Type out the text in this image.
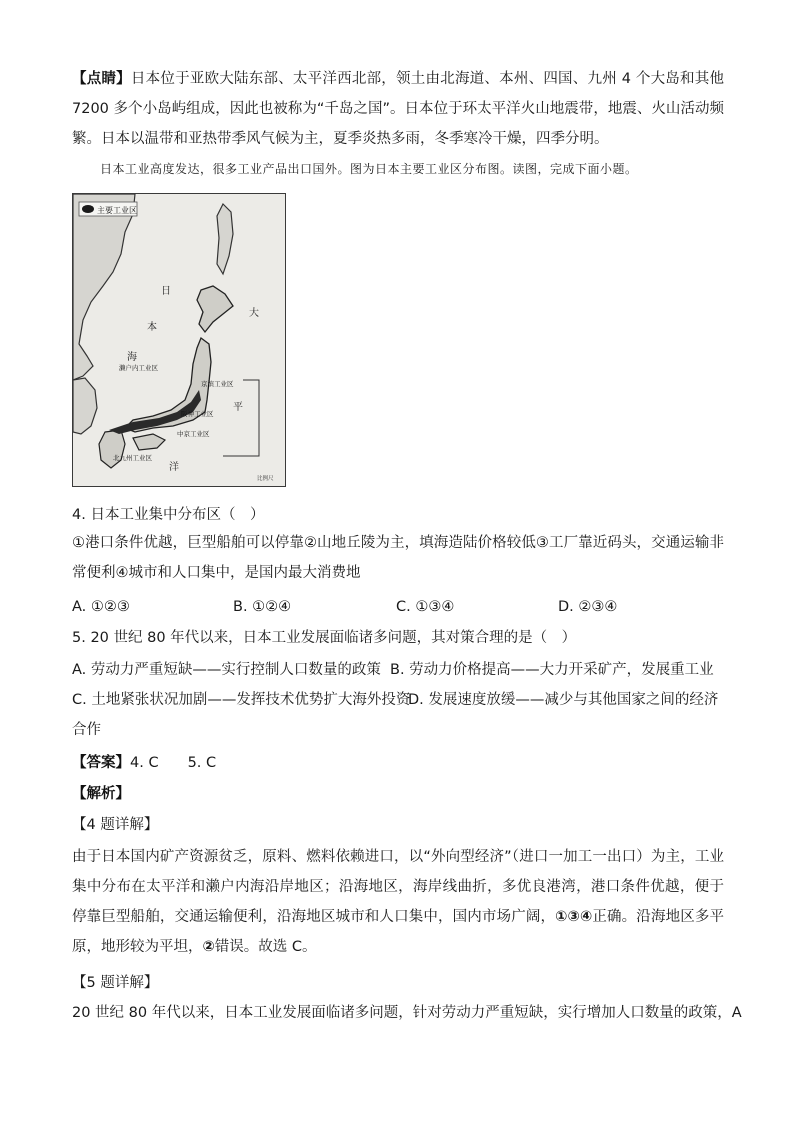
【点睛】日本位于亚欧大陆东部、太平洋西北部，领土由北海道、本州、四国、九州 4 个大岛和其他 7200 多个小岛屿组成，因此也被称为“千岛之国”。日本位于环太平洋火山地震带，地震、火山活动频繁。日本以温带和亚热带季风气候为主，夏季炎热多雨，冬季寒冷干燥，四季分明。
日本工业高度发达，很多工业产品出口国外。图为日本主要工业区分布图。读图，完成下面小题。
主要工业区
日
本
海
大
平
洋
濑户内工业区
京滨工业区
阪神工业区
中京工业区
北九州工业区
比例尺
4. 日本工业集中分布区（　）
①港口条件优越，巨型船舶可以停靠②山地丘陵为主，填海造陆价格较低③工厂靠近码头，交通运输非常便利④城市和人口集中，是国内最大消费地
A. ①②③	B. ①②④	C. ①③④	D. ②③④
5. 20 世纪 80 年代以来，日本工业发展面临诸多问题，其对策合理的是（　）
A. 劳动力严重短缺——实行控制人口数量的政策 B. 劳动力价格提高——大力开采矿产，发展重工业
C. 土地紧张状况加剧——发挥技术优势扩大海外投资
D. 发展速度放缓——减少与其他国家之间的经济
合作
【答案】4. C　　5. C
【解析】
【4 题详解】
由于日本国内矿产资源贫乏，原料、燃料依赖进口，以“外向型经济”（进口一加工一出口）为主，工业集中分布在太平洋和濑户内海沿岸地区；沿海地区，海岸线曲折，多优良港湾，港口条件优越，便于停靠巨型船舶，交通运输便利，沿海地区城市和人口集中，国内市场广阔，①③④正确。沿海地区多平原，地形较为平坦，②错误。故选 C。
【5 题详解】
20 世纪 80 年代以来，日本工业发展面临诸多问题，针对劳动力严重短缺，实行增加人口数量的政策，A
